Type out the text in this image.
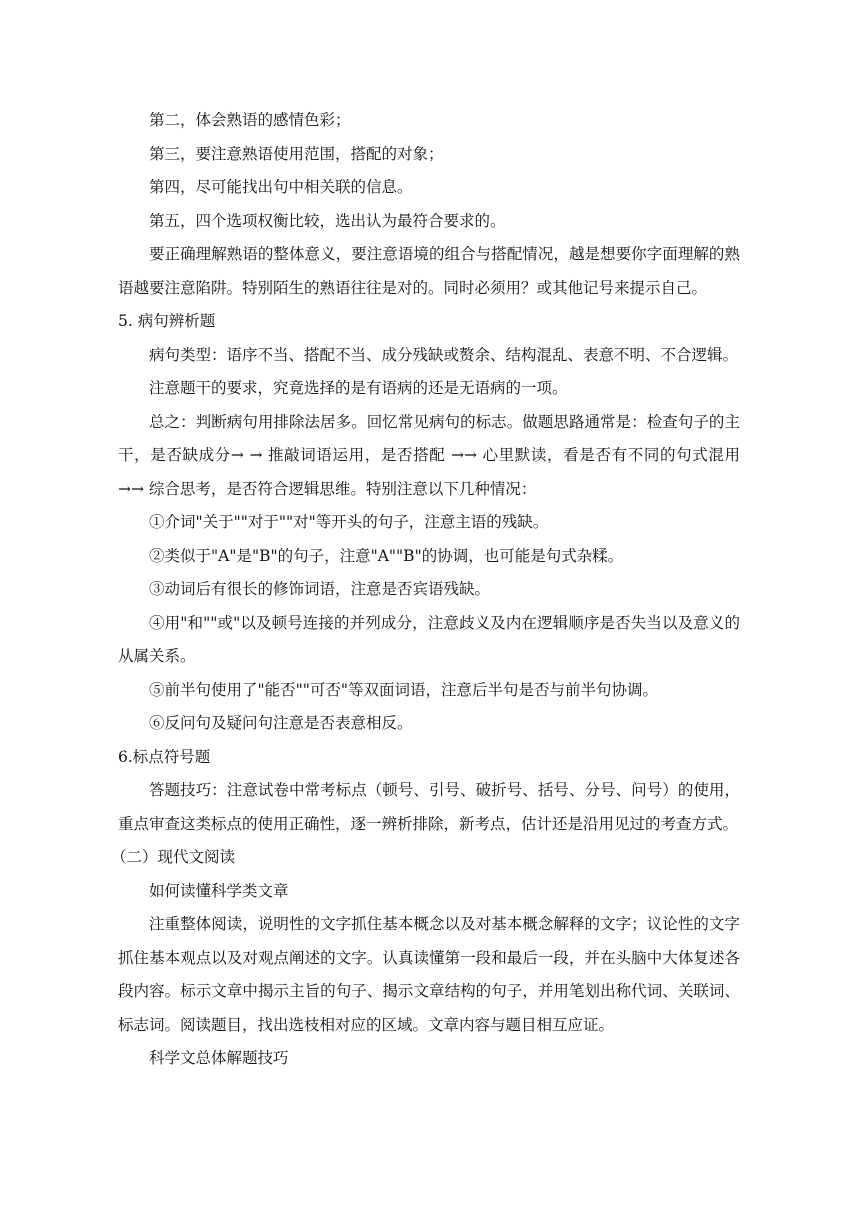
第二，体会熟语的感情色彩；

第三，要注意熟语使用范围，搭配的对象；

第四，尽可能找出句中相关联的信息。

第五，四个选项权衡比较，选出认为最符合要求的。

要正确理解熟语的整体意义，要注意语境的组合与搭配情况，越是想要你字面理解的熟语越要注意陷阱。特别陌生的熟语往往是对的。同时必须用？或其他记号来提示自己。

5. 病句辨析题

病句类型：语序不当、搭配不当、成分残缺或赘余、结构混乱、表意不明、不合逻辑。

注意题干的要求，究竟选择的是有语病的还是无语病的一项。

总之：判断病句用排除法居多。回忆常见病句的标志。做题思路通常是：检查句子的主干，是否缺成分→ → 推敲词语运用，是否搭配 →→ 心里默读，看是否有不同的句式混用 →→ 综合思考，是否符合逻辑思维。特别注意以下几种情况：

①介词"关于""对于""对"等开头的句子，注意主语的残缺。

②类似于"A"是"B"的句子，注意"A""B"的协调，也可能是句式杂糅。

③动词后有很长的修饰词语，注意是否宾语残缺。

④用"和""或"以及顿号连接的并列成分，注意歧义及内在逻辑顺序是否失当以及意义的从属关系。

⑤前半句使用了"能否""可否"等双面词语，注意后半句是否与前半句协调。

⑥反问句及疑问句注意是否表意相反。

6.标点符号题

答题技巧：注意试卷中常考标点（顿号、引号、破折号、括号、分号、问号）的使用，重点审查这类标点的使用正确性，逐一辨析排除，新考点，估计还是沿用见过的考查方式。

（二）现代文阅读

如何读懂科学类文章

注重整体阅读，说明性的文字抓住基本概念以及对基本概念解释的文字；议论性的文字抓住基本观点以及对观点阐述的文字。认真读懂第一段和最后一段，并在头脑中大体复述各段内容。标示文章中揭示主旨的句子、揭示文章结构的句子，并用笔划出称代词、关联词、标志词。阅读题目，找出选枝相对应的区域。文章内容与题目相互应证。

科学文总体解题技巧
